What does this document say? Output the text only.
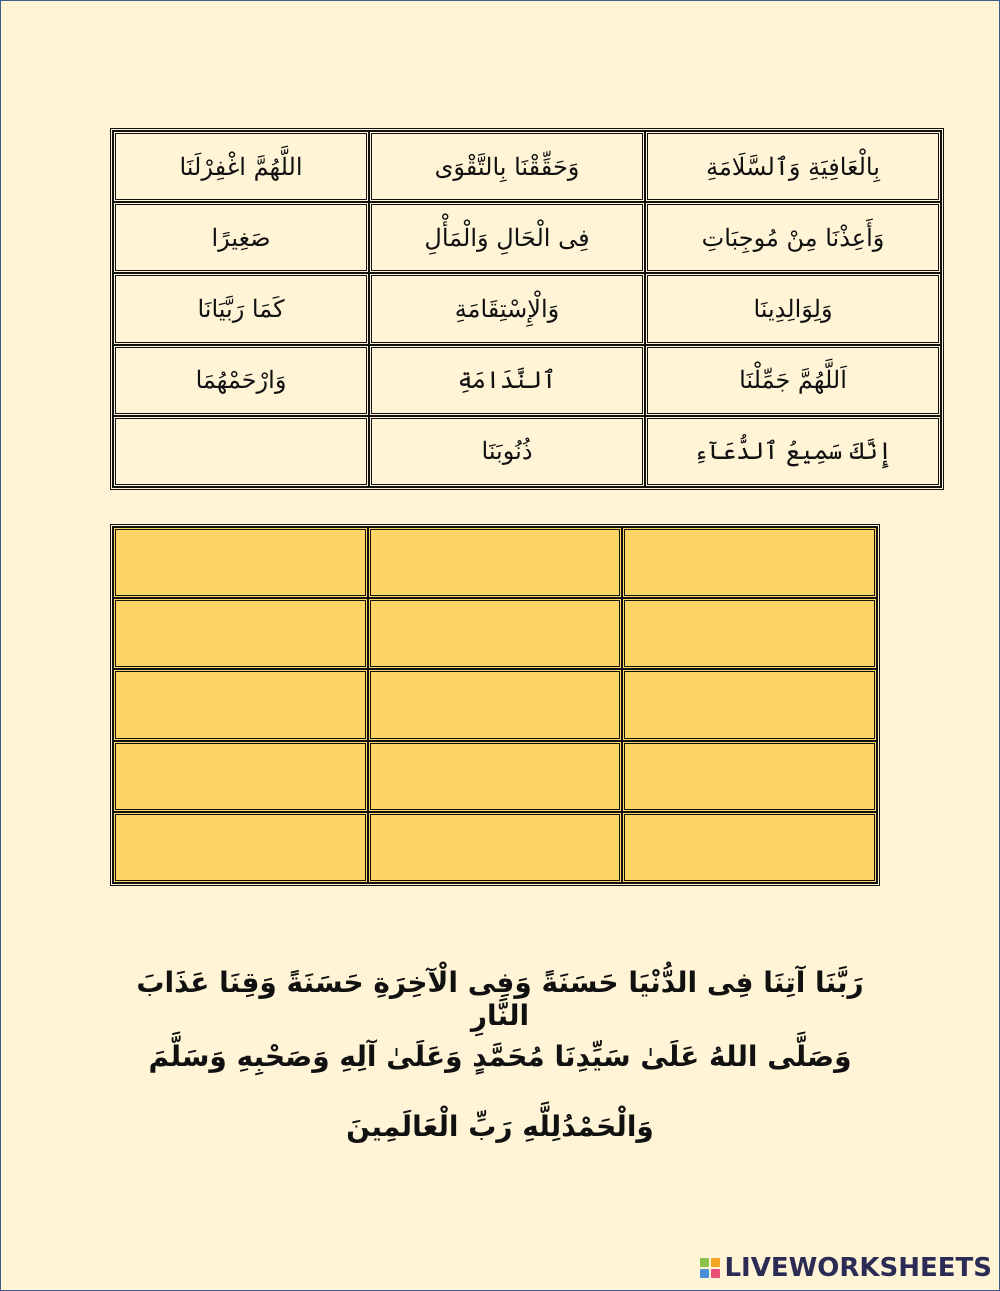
اللَّهُمَّ اغْفِرْلَنَا	وَحَقِّقْنَا بِالتَّقْوَى	بِالْعَافِيَةِ وَٱلسَّلَامَةِ
صَغِيرًا	فِى الْحَالِ وَالْمَأْلِ	وَأَعِذْنَا مِنْ مُوجِبَاتِ
كَمَا رَبَّيَانَا	وَالْإِسْتِقَامَةِ	وَلِوَالِدِينَا
وَارْحَمْهُمَا	ٱلنَّدَامَةِ	اَللَّهُمَّ جَمِّلْنَا
	ذُنُوبَنَا	إِنَّكَ سَمِيعُ ٱلدُّعَآءِ

رَبَّنَا آتِنَا فِى الدُّنْيَا حَسَنَةً وَفِى الْآخِرَةِ حَسَنَةً وَقِنَا عَذَابَ النَّارِ
وَصَلَّى اللهُ عَلَىٰ سَيِّدِنَا مُحَمَّدٍ وَعَلَىٰ آلِهِ وَصَحْبِهِ وَسَلَّمَ
وَالْحَمْدُلِلَّهِ رَبِّ الْعَالَمِينَ
LIVEWORKSHEETS
